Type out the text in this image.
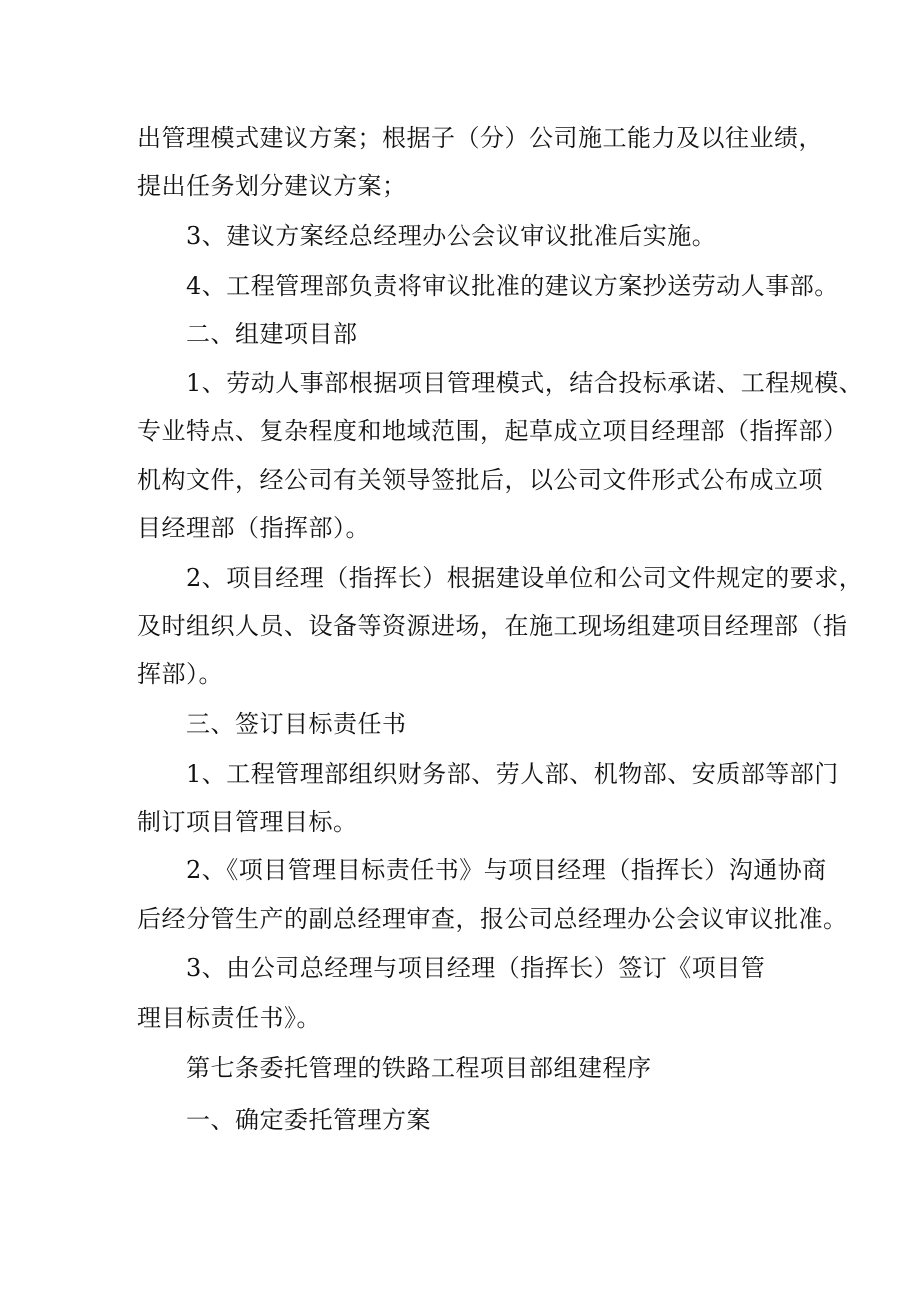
出管理模式建议方案；根据子（分）公司施工能力及以往业绩，
提出任务划分建议方案；
3、建议方案经总经理办公会议审议批准后实施。
4、工程管理部负责将审议批准的建议方案抄送劳动人事部。
二、组建项目部
1、劳动人事部根据项目管理模式，结合投标承诺、工程规模、
专业特点、复杂程度和地域范围，起草成立项目经理部（指挥部）
机构文件，经公司有关领导签批后，以公司文件形式公布成立项
目经理部（指挥部）。
2、项目经理（指挥长）根据建设单位和公司文件规定的要求，
及时组织人员、设备等资源进场，在施工现场组建项目经理部（指
挥部）。
三、签订目标责任书
1、工程管理部组织财务部、劳人部、机物部、安质部等部门
制订项目管理目标。
2、《项目管理目标责任书》与项目经理（指挥长）沟通协商
后经分管生产的副总经理审查，报公司总经理办公会议审议批准。
3、由公司总经理与项目经理（指挥长）签订《项目管
理目标责任书》。
第七条委托管理的铁路工程项目部组建程序
一、确定委托管理方案
